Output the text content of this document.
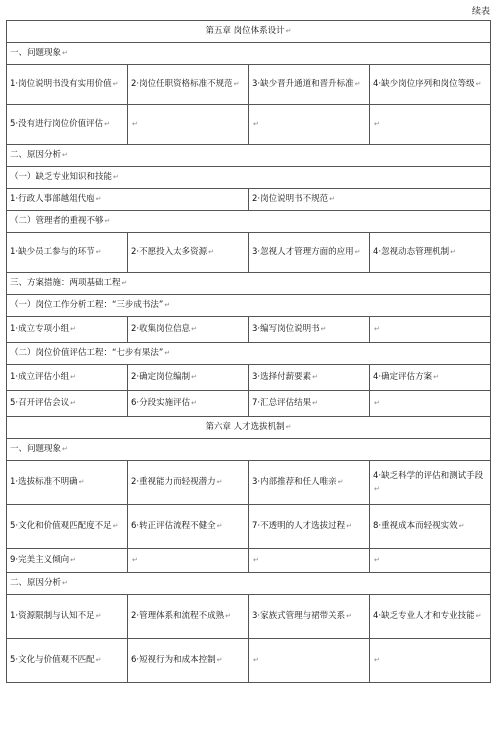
续表
第五章 岗位体系设计↵			
一、问题现象↵			
1·岗位说明书没有实用价值↵	2·岗位任职资格标准不规范↵	3·缺少晋升通道和晋升标准↵	4·缺少岗位序列和岗位等级↵
5·没有进行岗位价值评估↵	↵	↵	↵
二、原因分析↵			
（一）缺乏专业知识和技能↵			
1·行政人事部越俎代庖↵		2·岗位说明书不规范↵	
（二）管理者的重视不够↵			
1·缺少员工参与的环节↵	2·不愿投入太多资源↵	3·忽视人才管理方面的应用↵	4·忽视动态管理机制↵
三、方案措施：两项基础工程↵			
（一）岗位工作分析工程：“三步成书法”↵			
1·成立专项小组↵	2·收集岗位信息↵	3·编写岗位说明书↵	↵
（二）岗位价值评估工程：“七步有果法”↵			
1·成立评估小组↵	2·确定岗位编制↵	3·选择付薪要素↵	4·确定评估方案↵
5·召开评估会议↵	6·分段实施评估↵	7·汇总评估结果↵	↵
第六章 人才选拔机制↵			
一、问题现象↵			
1·选拔标准不明确↵	2·重视能力而轻视潜力↵	3·内部推荐和任人唯亲↵	4·缺乏科学的评估和测试手段↵
5·文化和价值观匹配度不足↵	6·转正评估流程不健全↵	7·不透明的人才选拔过程↵	8·重视成本而轻视实效↵
9·完美主义倾向↵	↵	↵	↵
二、原因分析↵			
1·资源限制与认知不足↵	2·管理体系和流程不成熟↵	3·家族式管理与裙带关系↵	4·缺乏专业人才和专业技能↵
5·文化与价值观不匹配↵	6·短视行为和成本控制↵	↵	↵
